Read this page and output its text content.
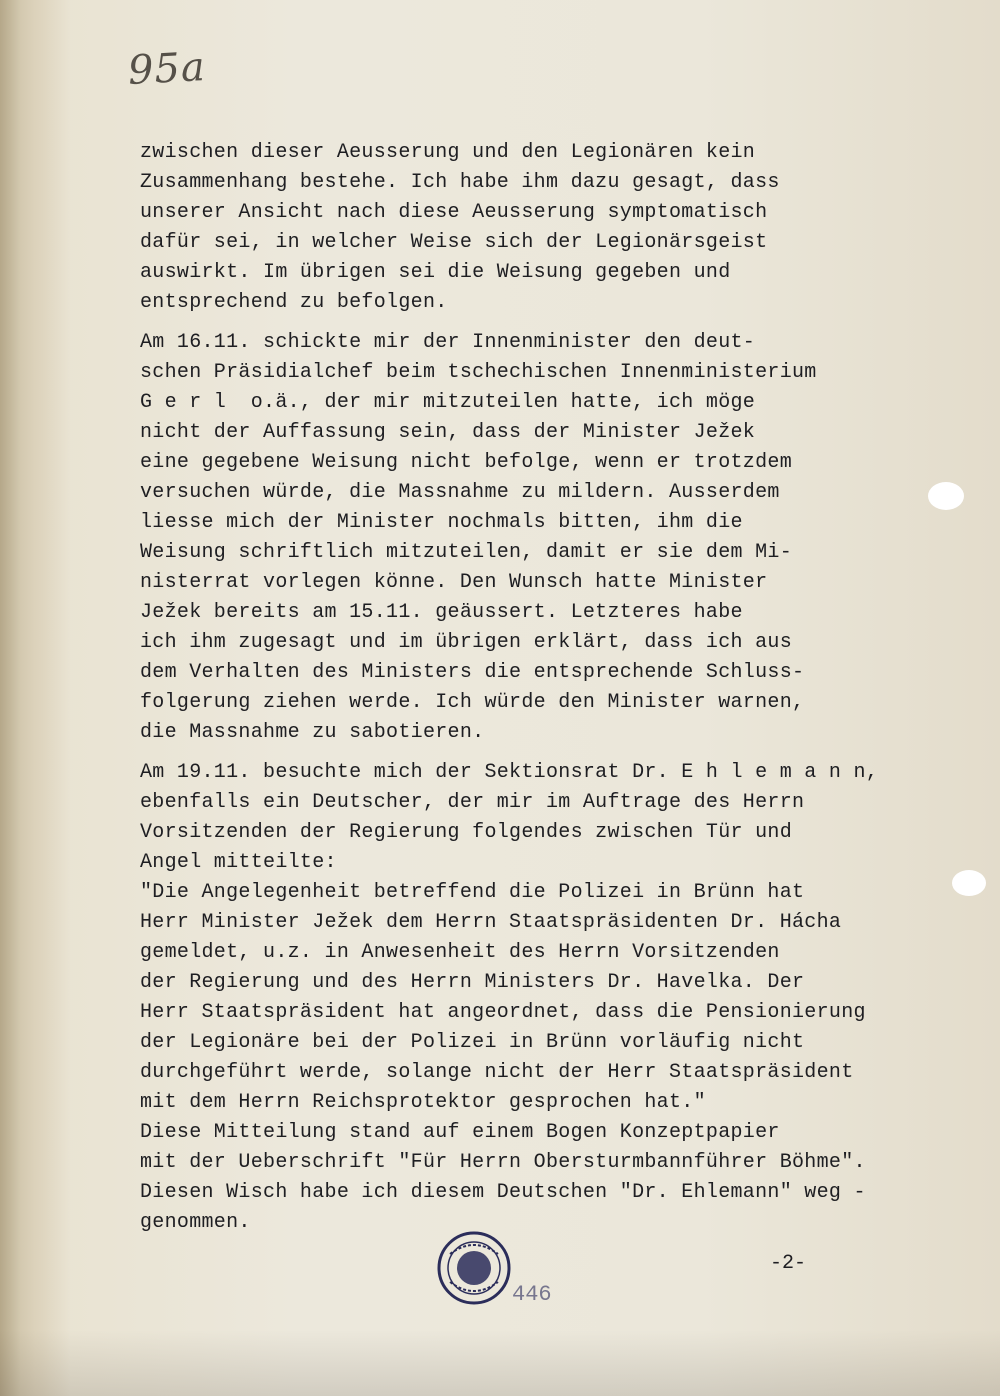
95a

zwischen dieser Aeusserung und den Legionären kein
Zusammenhang bestehe. Ich habe ihm dazu gesagt, dass
unserer Ansicht nach diese Aeusserung symptomatisch
dafür sei, in welcher Weise sich der Legionärsgeist
auswirkt. Im übrigen sei die Weisung gegeben und
entsprechend zu befolgen.

Am 16.11. schickte mir der Innenminister den deut-
schen Präsidialchef beim tschechischen Innenministerium
G e r l  o.ä., der mir mitzuteilen hatte, ich möge
nicht der Auffassung sein, dass der Minister Ježek
eine gegebene Weisung nicht befolge, wenn er trotzdem
versuchen würde, die Massnahme zu mildern. Ausserdem
liesse mich der Minister nochmals bitten, ihm die
Weisung schriftlich mitzuteilen, damit er sie dem Mi-
nisterrat vorlegen könne. Den Wunsch hatte Minister
Ježek bereits am 15.11. geäussert. Letzteres habe
ich ihm zugesagt und im übrigen erklärt, dass ich aus
dem Verhalten des Ministers die entsprechende Schluss-
folgerung ziehen werde. Ich würde den Minister warnen,
die Massnahme zu sabotieren.

Am 19.11. besuchte mich der Sektionsrat Dr. E h l e m a n n,
ebenfalls ein Deutscher, der mir im Auftrage des Herrn
Vorsitzenden der Regierung folgendes zwischen Tür und
Angel mitteilte:
"Die Angelegenheit betreffend die Polizei in Brünn hat
Herr Minister Ježek dem Herrn Staatspräsidenten Dr. Hácha
gemeldet, u.z. in Anwesenheit des Herrn Vorsitzenden
der Regierung und des Herrn Ministers Dr. Havelka. Der
Herr Staatspräsident hat angeordnet, dass die Pensionierung
der Legionäre bei der Polizei in Brünn vorläufig nicht
durchgeführt werde, solange nicht der Herr Staatspräsident
mit dem Herrn Reichsprotektor gesprochen hat."
Diese Mitteilung stand auf einem Bogen Konzeptpapier
mit der Ueberschrift "Für Herrn Obersturmbannführer Böhme".
Diesen Wisch habe ich diesem Deutschen "Dr. Ehlemann" weg -
genommen.

446
-2-
